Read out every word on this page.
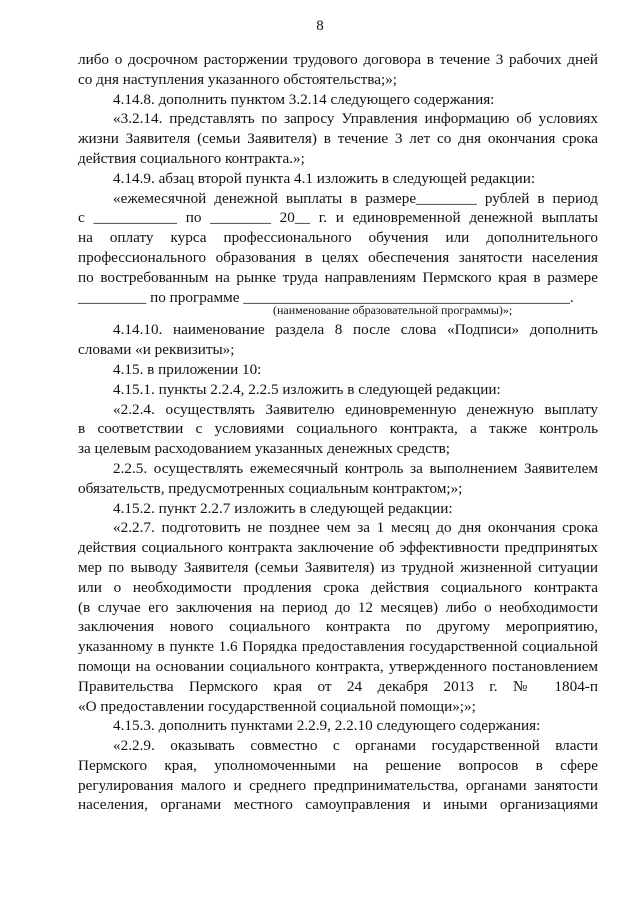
8
либо о досрочном расторжении трудового договора в течение 3 рабочих дней
со дня наступления указанного обстоятельства;»;
4.14.8. дополнить пунктом 3.2.14 следующего содержания:
«3.2.14. представлять по запросу Управления информацию об условиях
жизни Заявителя (семьи Заявителя) в течение 3 лет со дня окончания срока
действия социального контракта.»;
4.14.9. абзац второй пункта 4.1 изложить в следующей редакции:
«ежемесячной денежной выплаты в размере________ рублей в период
с ___________ по ________ 20__ г. и единовременной денежной выплаты
на оплату курса профессионального обучения или дополнительного
профессионального образования в целях обеспечения занятости населения
по востребованным на рынке труда направлениям Пермского края в размере
_________ по программе ___________________________________________.
(наименование образовательной программы)»;
4.14.10. наименование раздела 8 после слова «Подписи» дополнить
словами «и реквизиты»;
4.15. в приложении 10:
4.15.1. пункты 2.2.4, 2.2.5 изложить в следующей редакции:
«2.2.4. осуществлять Заявителю единовременную денежную выплату
в соответствии с условиями социального контракта, а также контроль
за целевым расходованием указанных денежных средств;
2.2.5. осуществлять ежемесячный контроль за выполнением Заявителем
обязательств, предусмотренных социальным контрактом;»;
4.15.2. пункт 2.2.7 изложить в следующей редакции:
«2.2.7. подготовить не позднее чем за 1 месяц до дня окончания срока
действия социального контракта заключение об эффективности предпринятых
мер по выводу Заявителя (семьи Заявителя) из трудной жизненной ситуации
или о необходимости продления срока действия социального контракта
(в случае его заключения на период до 12 месяцев) либо о необходимости
заключения нового социального контракта по другому мероприятию,
указанному в пункте 1.6 Порядка предоставления государственной социальной
помощи на основании социального контракта, утвержденного постановлением
Правительства Пермского края от 24 декабря 2013 г. № 1804-п
«О предоставлении государственной социальной помощи»;»;
4.15.3. дополнить пунктами 2.2.9, 2.2.10 следующего содержания:
«2.2.9. оказывать совместно с органами государственной власти
Пермского края, уполномоченными на решение вопросов в сфере
регулирования малого и среднего предпринимательства, органами занятости
населения, органами местного самоуправления и иными организациями
